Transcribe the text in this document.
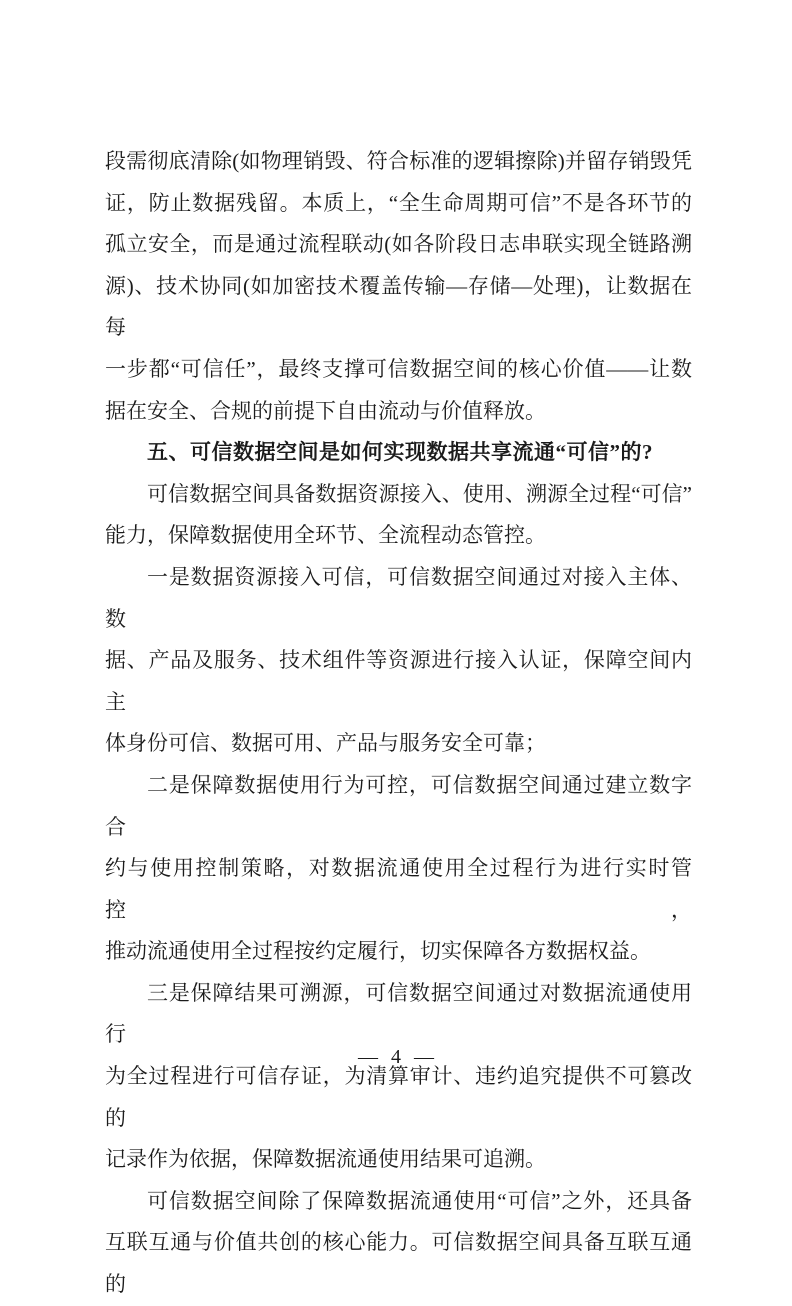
段需彻底清除(如物理销毁、符合标准的逻辑擦除)并留存销毁凭
证，防止数据残留。本质上，“全生命周期可信”不是各环节的
孤立安全，而是通过流程联动(如各阶段日志串联实现全链路溯
源)、技术协同(如加密技术覆盖传输—存储—处理)，让数据在每
一步都“可信任”，最终支撑可信数据空间的核心价值——让数
据在安全、合规的前提下自由流动与价值释放。

五、可信数据空间是如何实现数据共享流通“可信”的?

可信数据空间具备数据资源接入、使用、溯源全过程“可信”
能力，保障数据使用全环节、全流程动态管控。

一是数据资源接入可信，可信数据空间通过对接入主体、数
据、产品及服务、技术组件等资源进行接入认证，保障空间内主
体身份可信、数据可用、产品与服务安全可靠；

二是保障数据使用行为可控，可信数据空间通过建立数字合
约与使用控制策略，对数据流通使用全过程行为进行实时管控，
推动流通使用全过程按约定履行，切实保障各方数据权益。

三是保障结果可溯源，可信数据空间通过对数据流通使用行
为全过程进行可信存证，为清算审计、违约追究提供不可篡改的
记录作为依据，保障数据流通使用结果可追溯。

可信数据空间除了保障数据流通使用“可信”之外，还具备
互联互通与价值共创的核心能力。可信数据空间具备互联互通的

— 4 —
